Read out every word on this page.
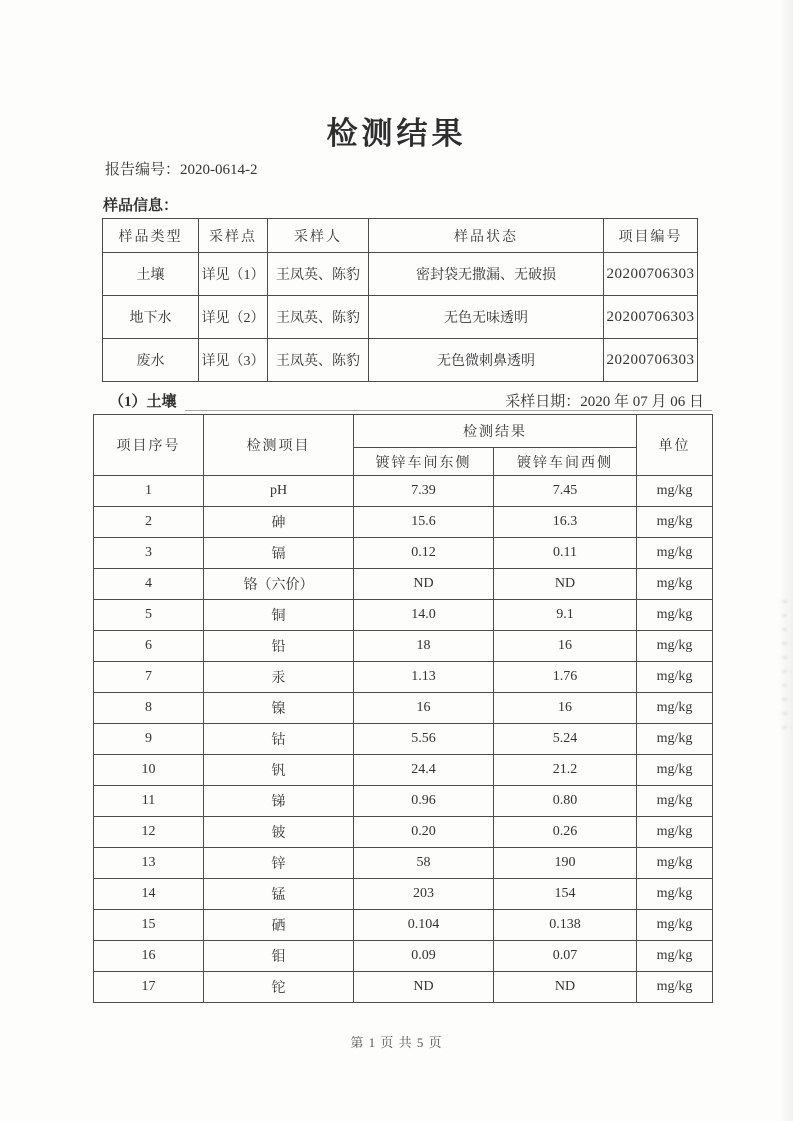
检测结果
报告编号：2020-0614-2
样品信息：
样品类型	采样点	采样人	样品状态	项目编号
土壤	详见（1）	王凤英、陈豹	密封袋无撒漏、无破损	20200706303
地下水	详见（2）	王凤英、陈豹	无色无味透明	20200706303
废水	详见（3）	王凤英、陈豹	无色微刺鼻透明	20200706303
（1）土壤	采样日期：2020 年 07 月 06 日
项目序号	检测项目	检测结果		单位
		镀锌车间东侧	镀锌车间西侧	
1	pH	7.39	7.45	mg/kg
2	砷	15.6	16.3	mg/kg
3	镉	0.12	0.11	mg/kg
4	铬（六价）	ND	ND	mg/kg
5	铜	14.0	9.1	mg/kg
6	铅	18	16	mg/kg
7	汞	1.13	1.76	mg/kg
8	镍	16	16	mg/kg
9	钴	5.56	5.24	mg/kg
10	钒	24.4	21.2	mg/kg
11	锑	0.96	0.80	mg/kg
12	铍	0.20	0.26	mg/kg
13	锌	58	190	mg/kg
14	锰	203	154	mg/kg
15	硒	0.104	0.138	mg/kg
16	钼	0.09	0.07	mg/kg
17	铊	ND	ND	mg/kg
第 1 页 共 5 页
